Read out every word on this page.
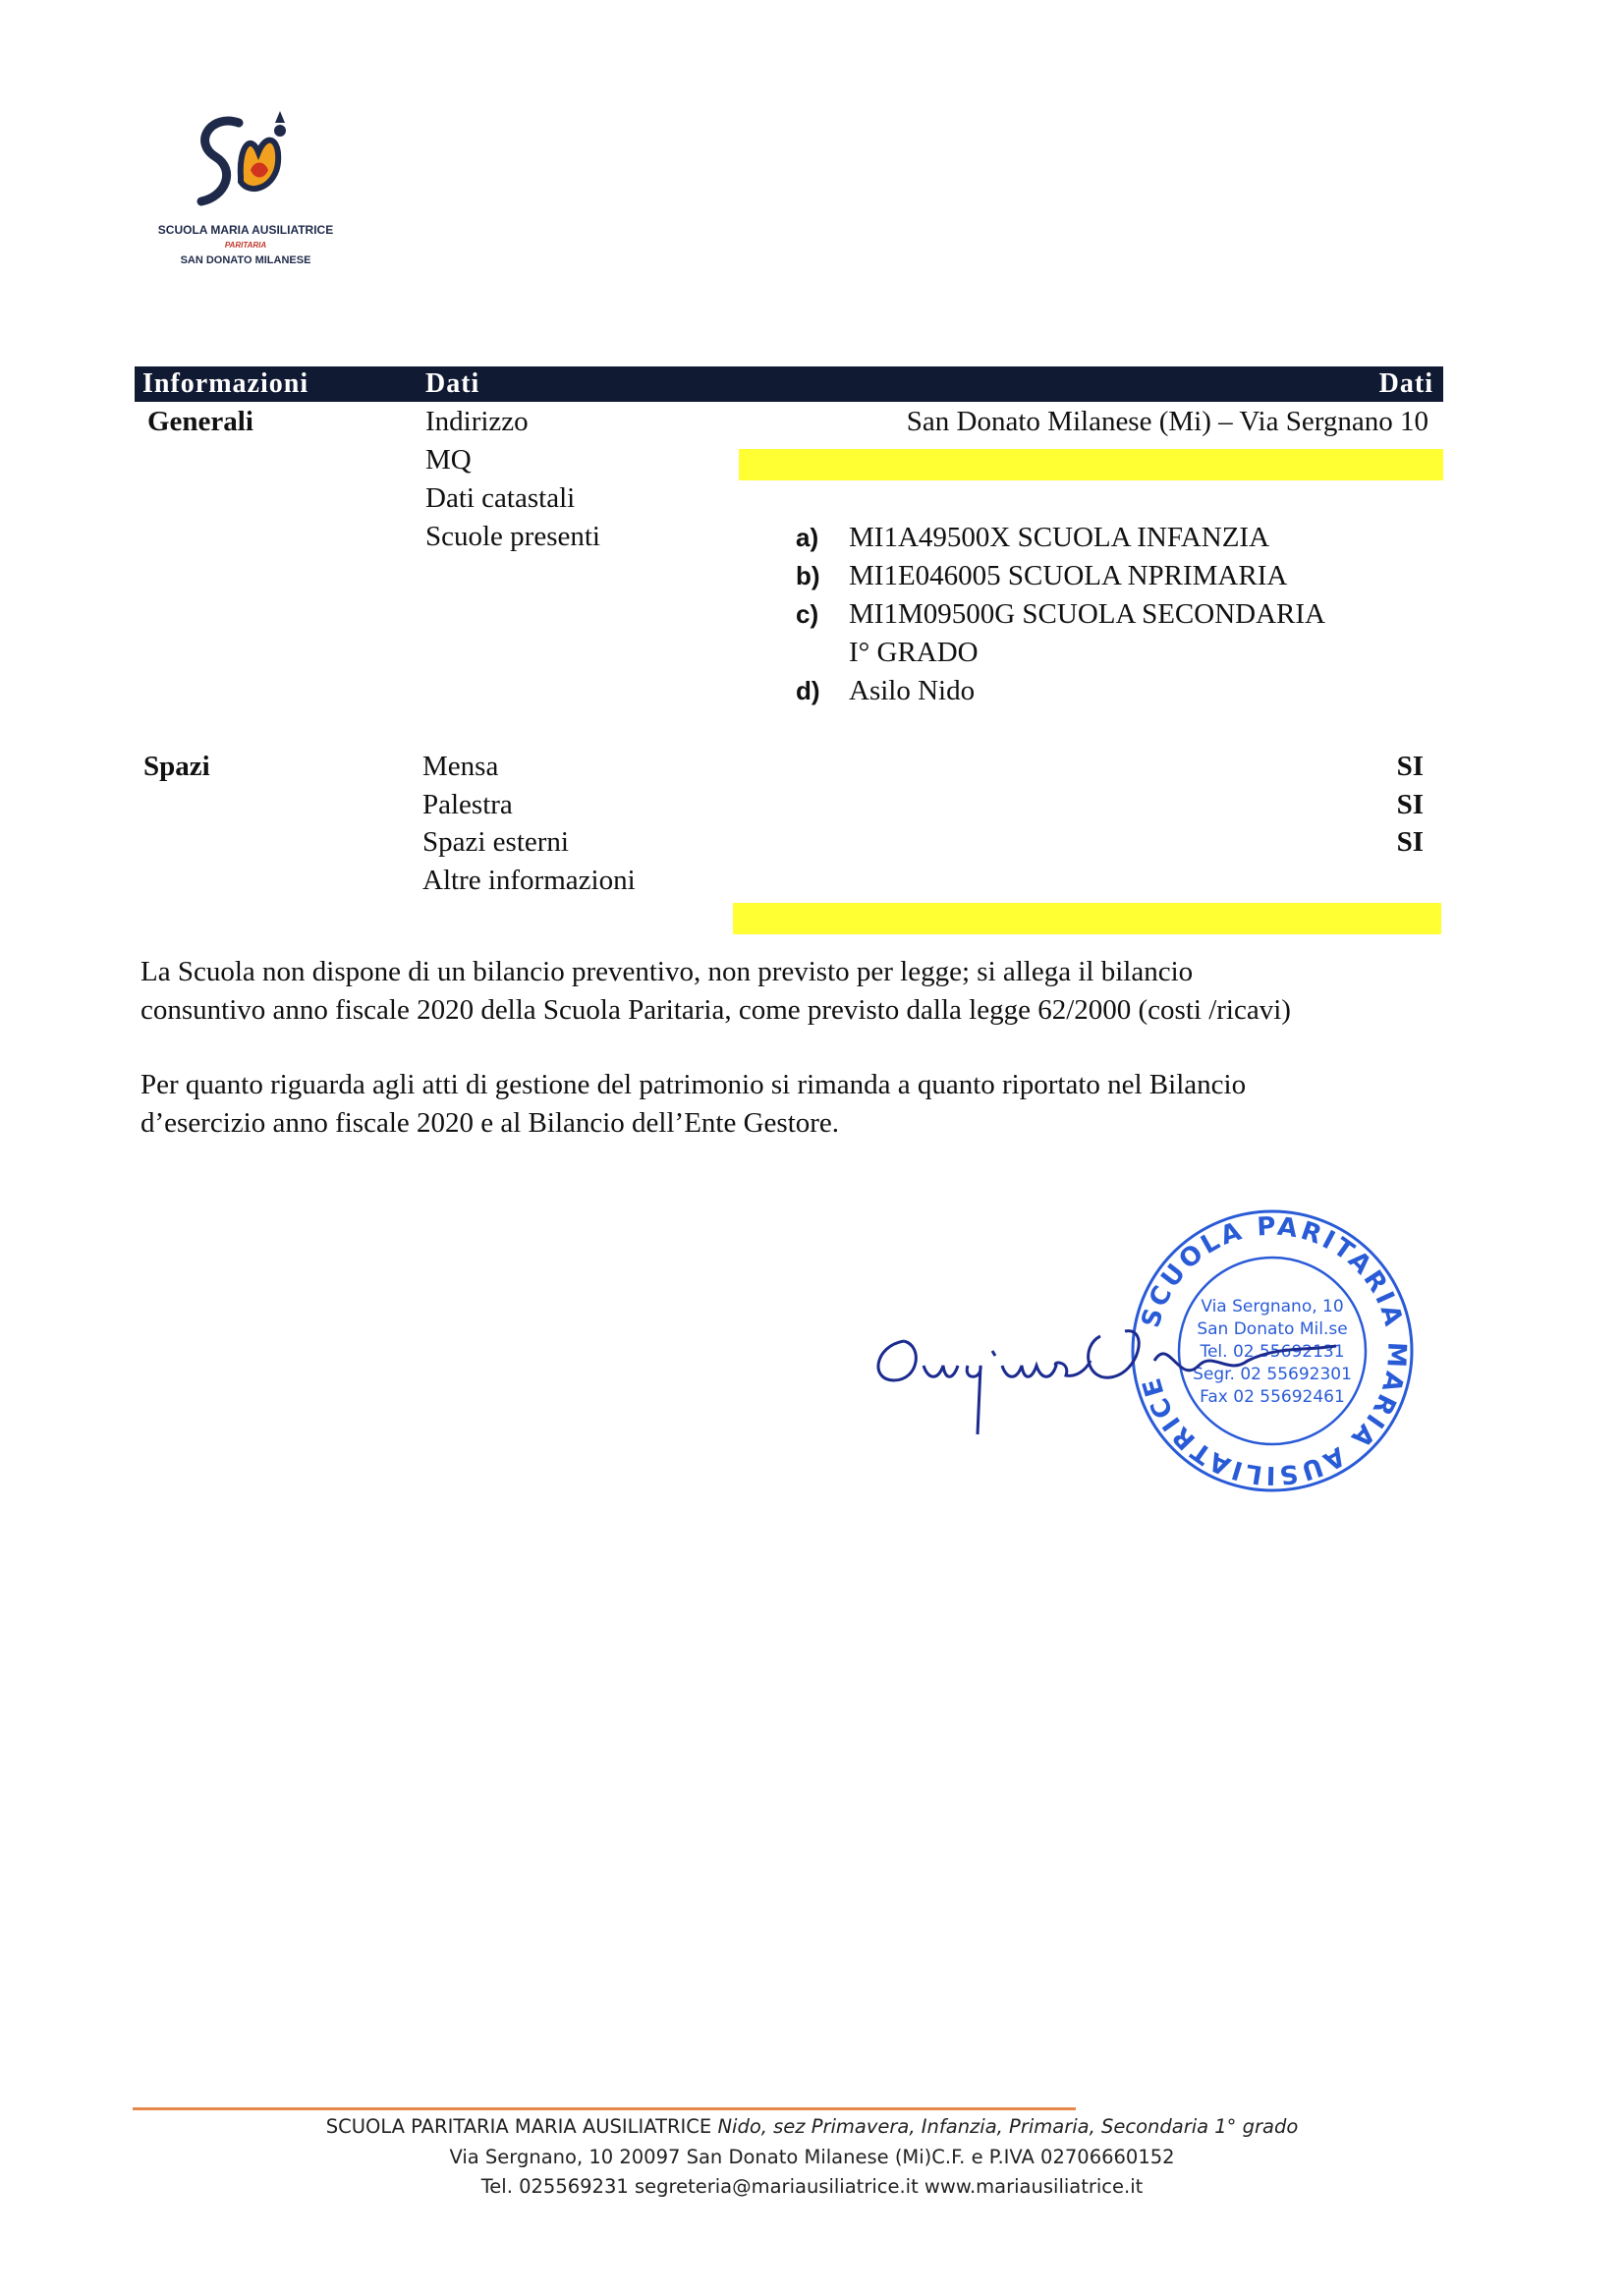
SCUOLA MARIA AUSILIATRICE
PARITARIA
SAN DONATO MILANESE
Informazioni	Dati	Dati
Generali	Indirizzo	San Donato Milanese (Mi) – Via Sergnano 10
MQ
Dati catastali
Scuole presenti	a) MI1A49500X SCUOLA INFANZIA
b) MI1E046005 SCUOLA NPRIMARIA
c) MI1M09500G SCUOLA SECONDARIA
I° GRADO
d) Asilo Nido
Spazi	Mensa	SI
Palestra	SI
Spazi esterni	SI
Altre informazioni
La Scuola non dispone di un bilancio preventivo, non previsto per legge; si allega il bilancio
consuntivo anno fiscale 2020 della Scuola Paritaria, come previsto dalla legge 62/2000 (costi /ricavi)
Per quanto riguarda agli atti di gestione del patrimonio si rimanda a quanto riportato nel Bilancio
d’esercizio anno fiscale 2020 e al Bilancio dell’Ente Gestore.
SCUOLA PARITARIA MARIA AUSILIATRICE
Via Sergnano, 10
San Donato Mil.se
Tel. 02 55692131
Segr. 02 55692301
Fax 02 55692461
SCUOLA PARITARIA MARIA AUSILIATRICE Nido, sez Primavera, Infanzia, Primaria, Secondaria 1° grado
Via Sergnano, 10 20097 San Donato Milanese (Mi)C.F. e P.IVA 02706660152
Tel. 025569231 segreteria@mariausiliatrice.it www.mariausiliatrice.it
